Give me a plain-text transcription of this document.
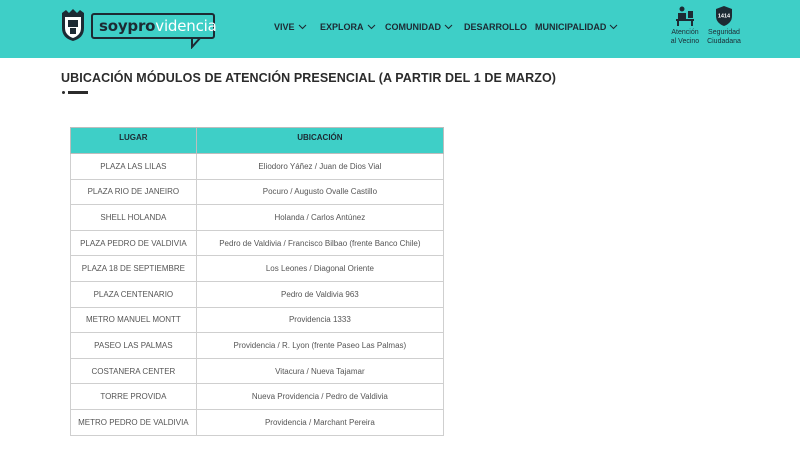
soyprovidencia	VIVE	EXPLORA COMUNIDAD	DESARROLLO MUNICIPALIDAD
Atención
al Vecino
1414
Seguridad
Ciudadana
UBICACIÓN MÓDULOS DE ATENCIÓN PRESENCIAL (A PARTIR DEL 1 DE MARZO)
LUGAR	UBICACIÓN
PLAZA LAS LILAS	Eliodoro Yáñez / Juan de Dios Vial
PLAZA RIO DE JANEIRO	Pocuro / Augusto Ovalle Castillo
SHELL HOLANDA	Holanda / Carlos Antúnez
PLAZA PEDRO DE VALDIVIA	Pedro de Valdivia / Francisco Bilbao (frente Banco Chile)
PLAZA 18 DE SEPTIEMBRE	Los Leones / Diagonal Oriente
PLAZA CENTENARIO	Pedro de Valdivia 963
METRO MANUEL MONTT	Providencia 1333
PASEO LAS PALMAS	Providencia / R. Lyon (frente Paseo Las Palmas)
COSTANERA CENTER	Vitacura / Nueva Tajamar
TORRE PROVIDA	Nueva Providencia / Pedro de Valdivia
METRO PEDRO DE VALDIVIA	Providencia / Marchant Pereira
